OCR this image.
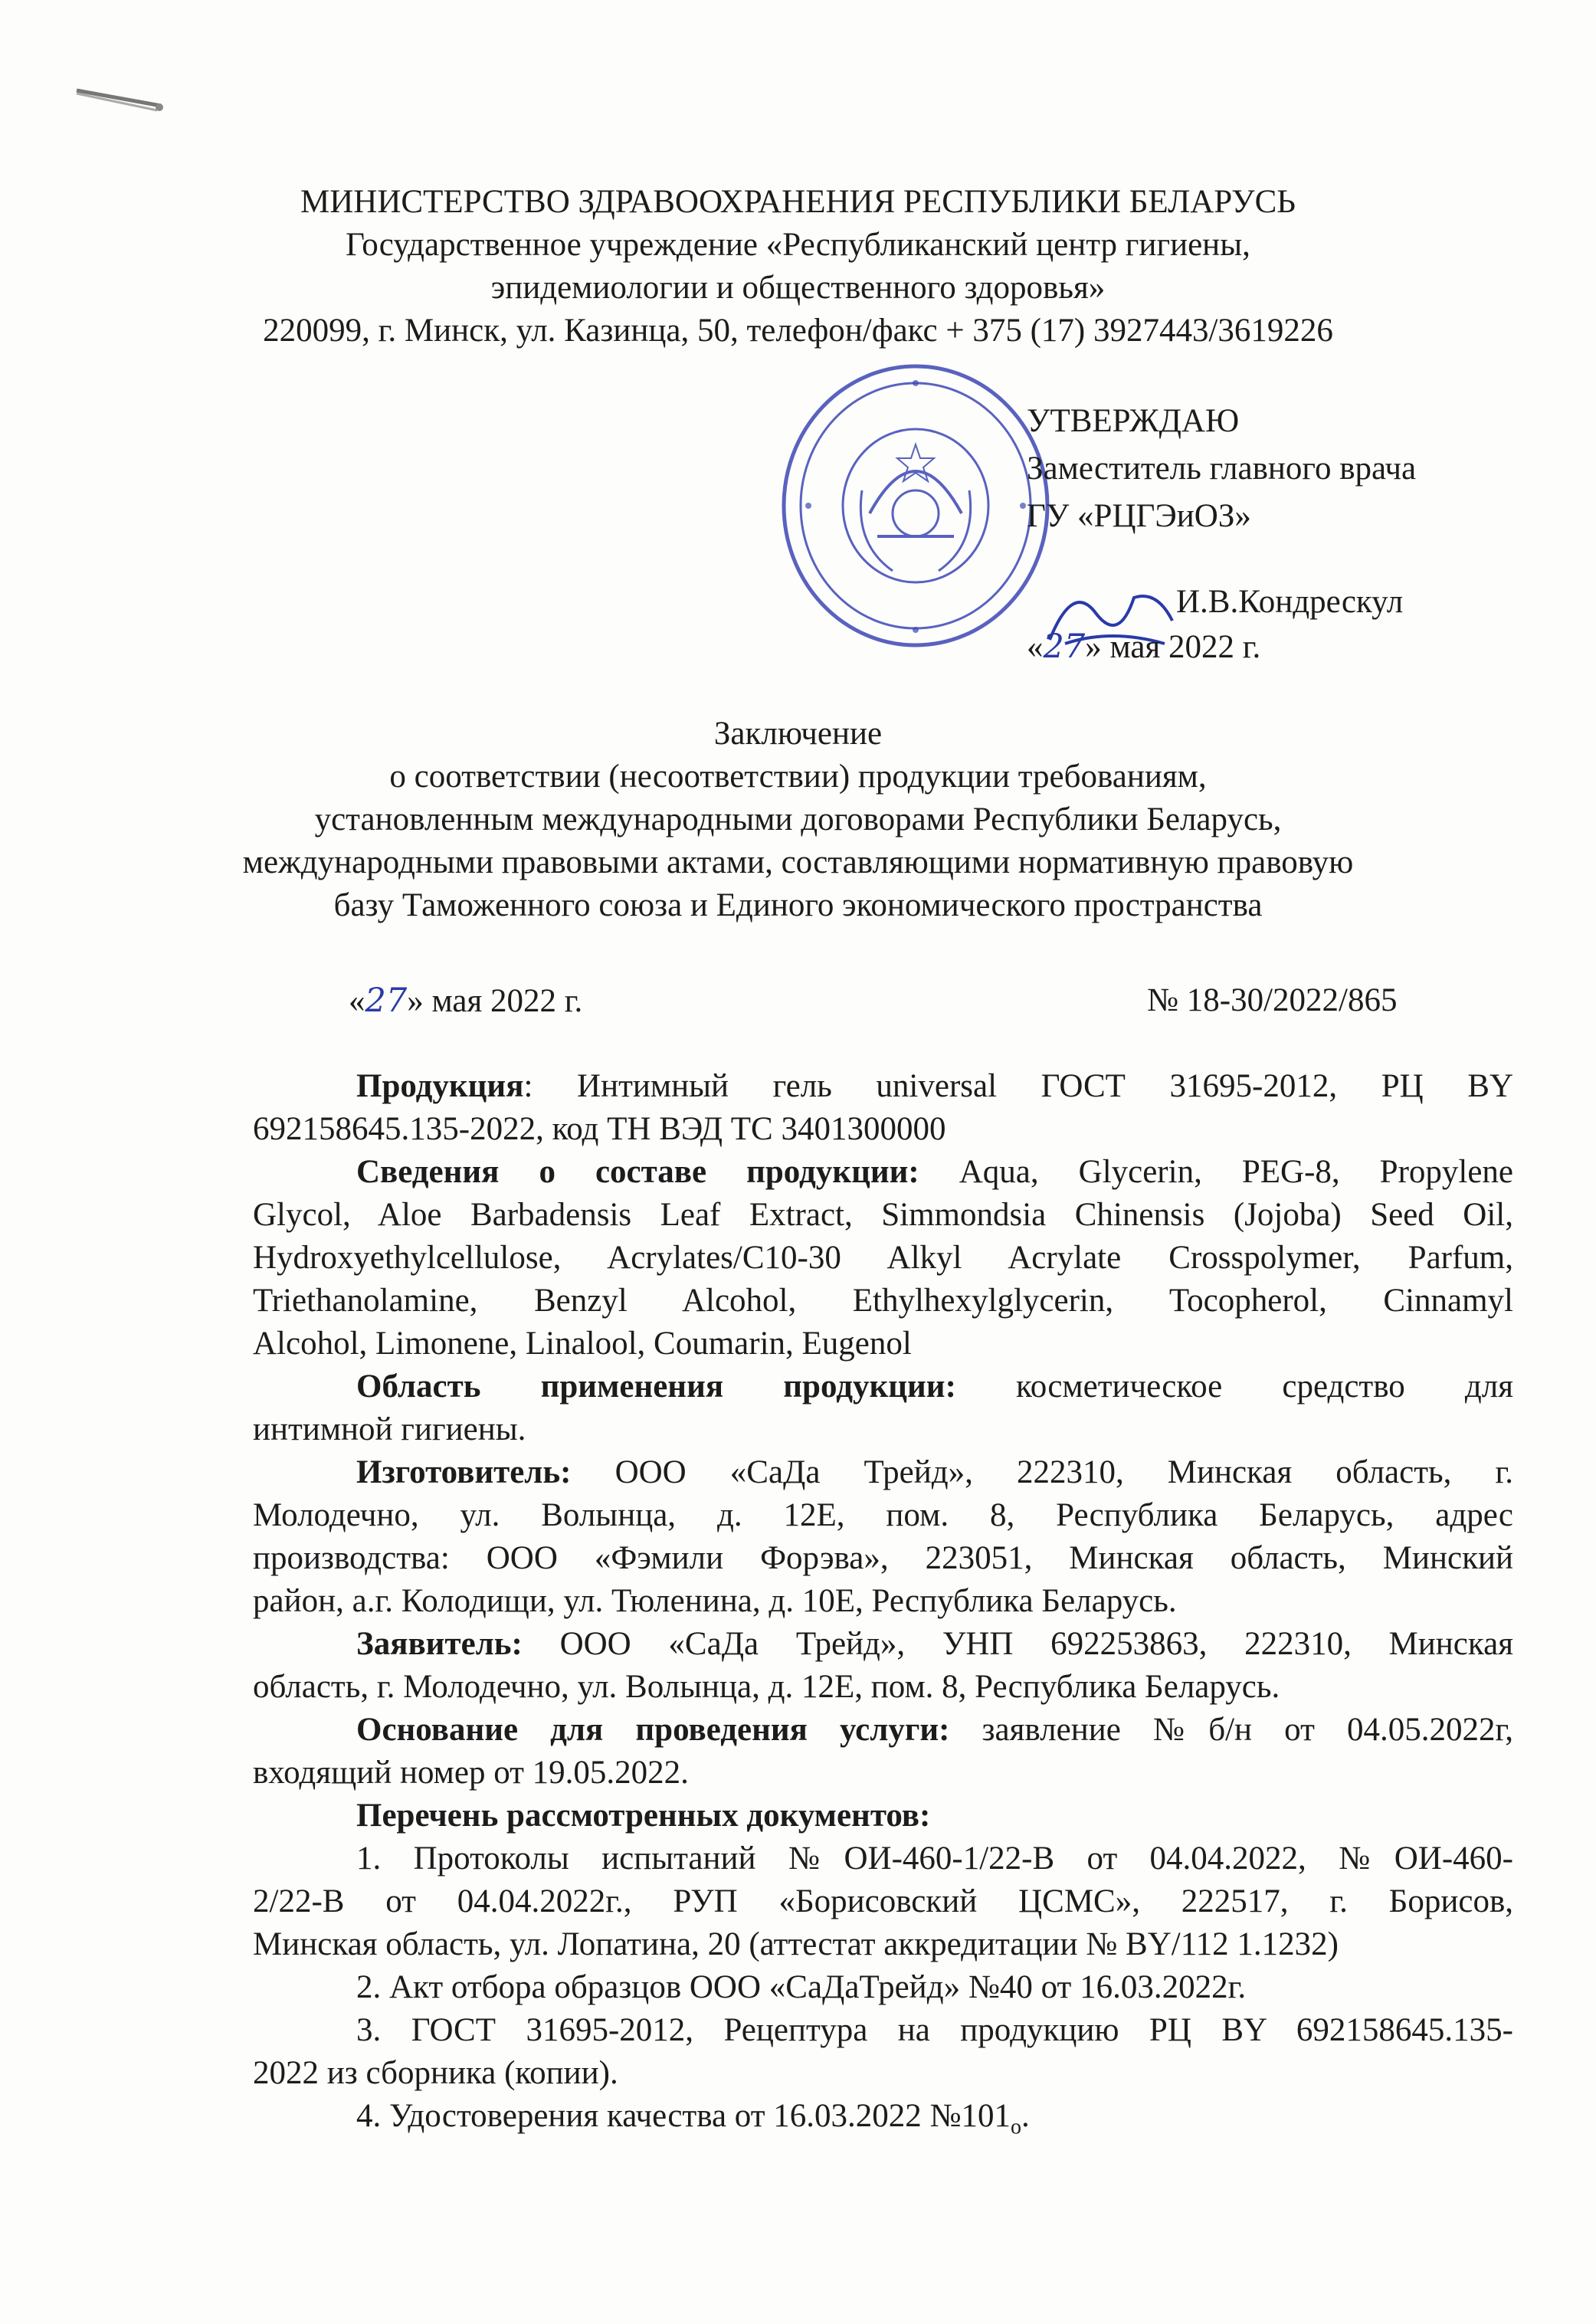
МИНИСТЕРСТВО ЗДРАВООХРАНЕНИЯ РЕСПУБЛИКИ БЕЛАРУСЬ
Государственное учреждение «Республиканский центр гигиены,
эпидемиологии и общественного здоровья»
220099, г. Минск, ул. Казинца, 50, телефон/факс + 375 (17) 3927443/3619226
УТВЕРЖДАЮ
Заместитель главного врача
ГУ «РЦГЭиОЗ»
И.В.Кондрескул
«27» мая 2022 г.
Заключение
о соответствии (несоответствии) продукции требованиям,
установленным международными договорами Республики Беларусь,
международными правовыми актами, составляющими нормативную правовую
базу Таможенного союза и Единого экономического пространства
«27» мая 2022 г.	№ 18-30/2022/865
Продукция: Интимный гель universal ГОСТ 31695-2012, РЦ BY
692158645.135-2022, код ТН ВЭД ТС 3401300000
Сведения о составе продукции: Aqua, Glycerin, PEG-8, Propylene
Glycol, Aloe Barbadensis Leaf Extract, Simmondsia Chinensis (Jojoba) Seed Oil,
Hydroxyethylcellulose, Acrylates/C10-30 Alkyl Acrylate Crosspolymer, Parfum,
Triethanolamine, Benzyl Alcohol, Ethylhexylglycerin, Tocopherol, Cinnamyl
Alcohol, Limonene, Linalool, Coumarin, Eugenol
Область применения продукции: косметическое средство для
интимной гигиены.
Изготовитель: ООО «СаДа Трейд», 222310, Минская область, г.
Молодечно, ул. Волынца, д. 12Е, пом. 8, Республика Беларусь, адрес
производства: ООО «Фэмили Форэва», 223051, Минская область, Минский
район, а.г. Колодищи, ул. Тюленина, д. 10Е, Республика Беларусь.
Заявитель: ООО «СаДа Трейд», УНП 692253863, 222310, Минская
область, г. Молодечно, ул. Волынца, д. 12Е, пом. 8, Республика Беларусь.
Основание для проведения услуги: заявление №б/н от 04.05.2022г,
входящий номер от 19.05.2022.
Перечень рассмотренных документов:
1. Протоколы испытаний №ОИ-460-1/22-В от 04.04.2022, №ОИ-460-
2/22-В от 04.04.2022г., РУП «Борисовский ЦСМС», 222517, г. Борисов,
Минская область, ул. Лопатина, 20 (аттестат аккредитации № BY/112 1.1232)
2. Акт отбора образцов ООО «СаДаТрейд» №40 от 16.03.2022г.
3. ГОСТ 31695-2012, Рецептура на продукцию РЦ BY 692158645.135-
2022 из сборника (копии).
4. Удостоверения качества от 16.03.2022 $№101_о$.
